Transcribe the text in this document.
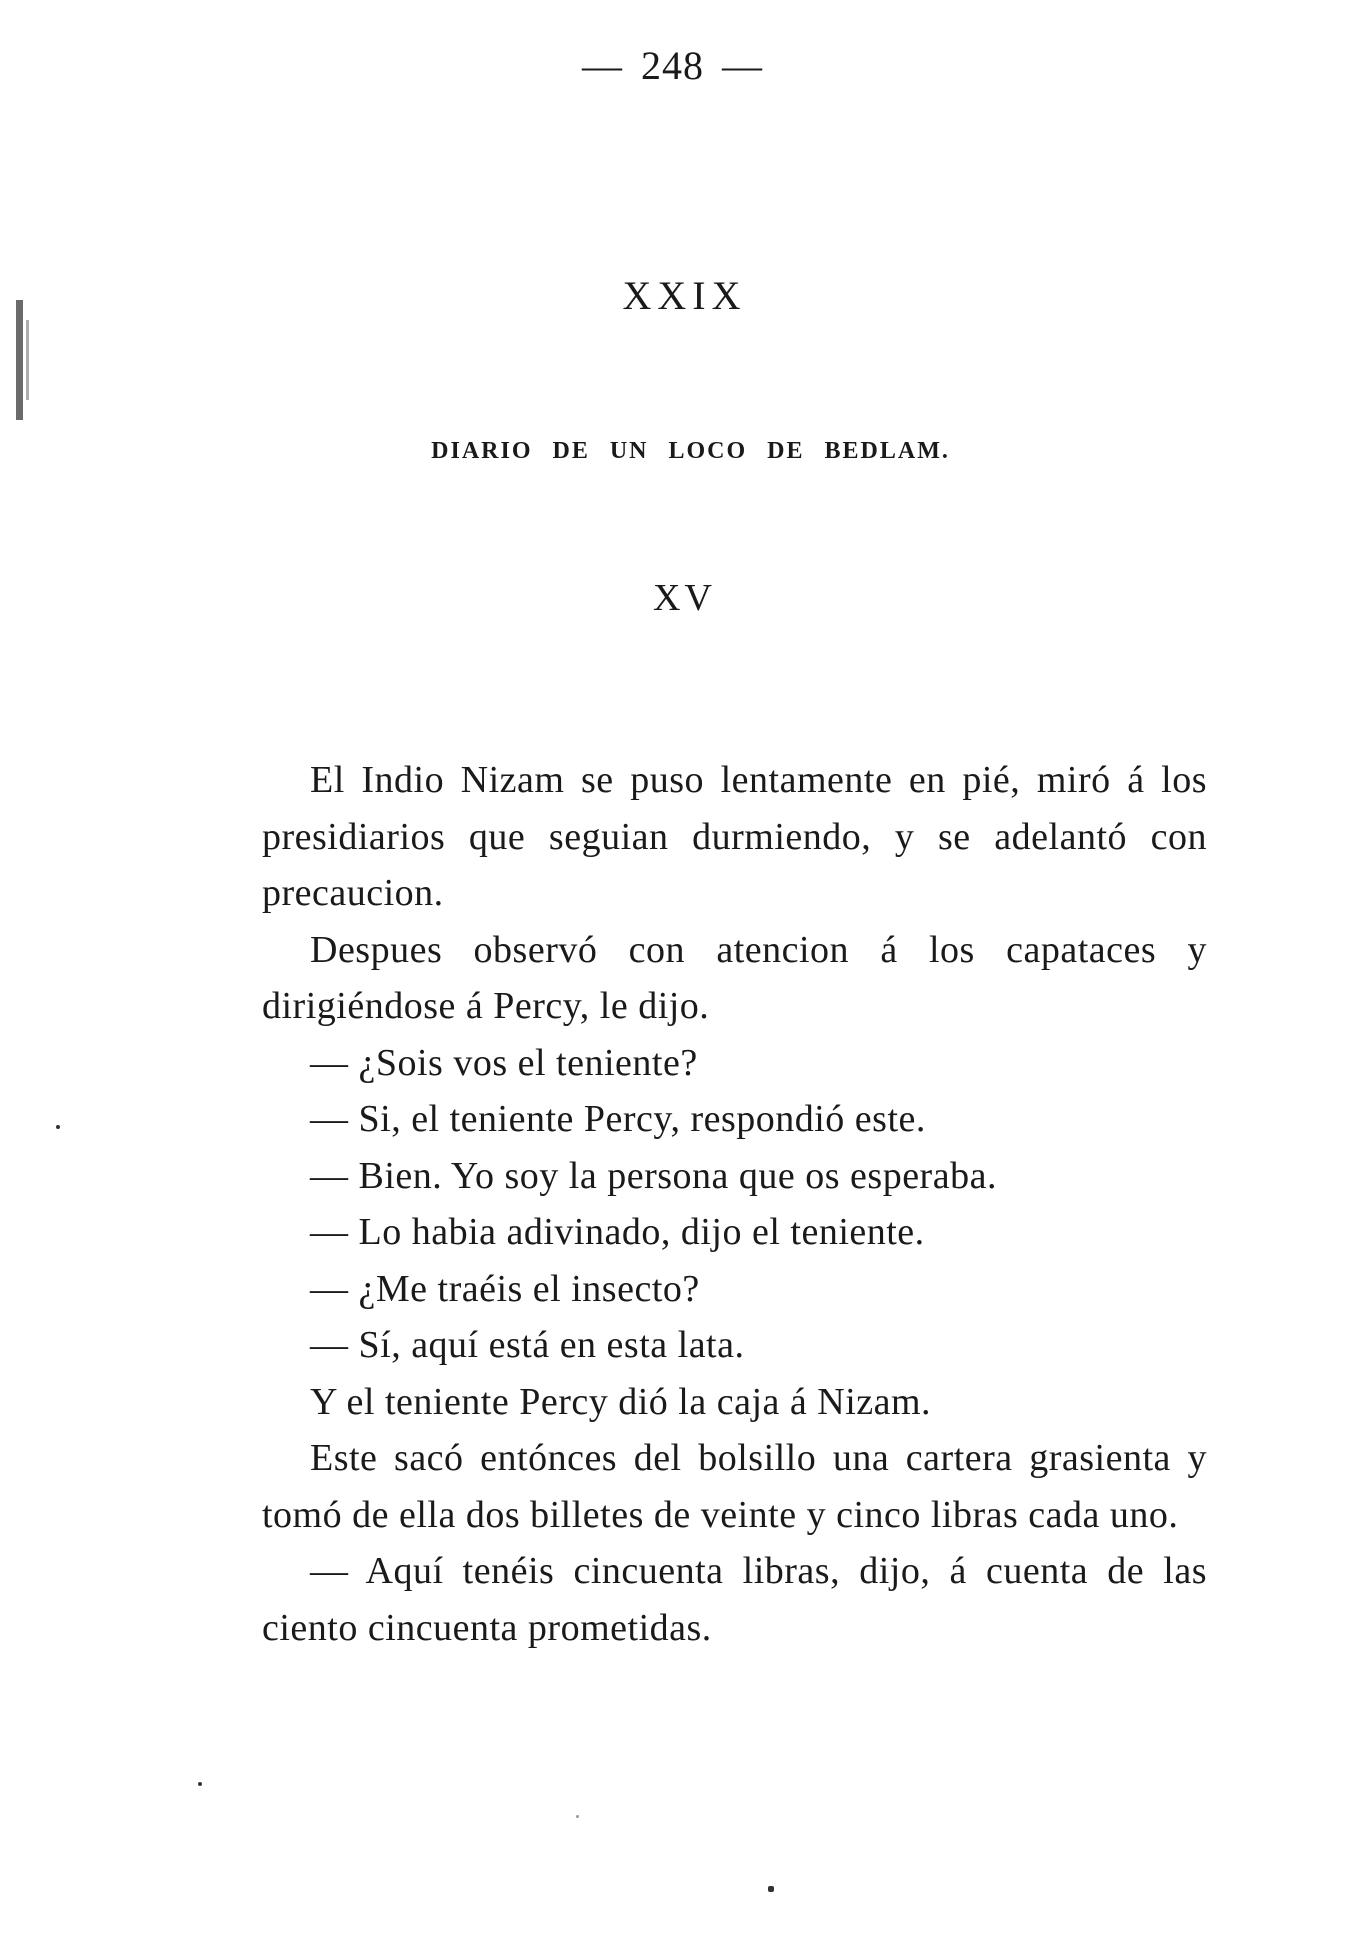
— 248 —
XXIX
DIARIO DE UN LOCO DE BEDLAM.
XV

El Indio Nizam se puso lentamente en pié, miró á los presidiarios que seguian durmiendo, y se adelantó con precaucion.

Despues observó con atencion á los capataces y dirigiéndose á Percy, le dijo.

— ¿Sois vos el teniente?

— Si, el teniente Percy, respondió este.

— Bien. Yo soy la persona que os esperaba.

— Lo habia adivinado, dijo el teniente.

— ¿Me traéis el insecto?

— Sí, aquí está en esta lata.

Y el teniente Percy dió la caja á Nizam.

Este sacó entónces del bolsillo una cartera grasienta y tomó de ella dos billetes de veinte y cinco libras cada uno.

— Aquí tenéis cincuenta libras, dijo, á cuenta de las ciento cincuenta prometidas.
